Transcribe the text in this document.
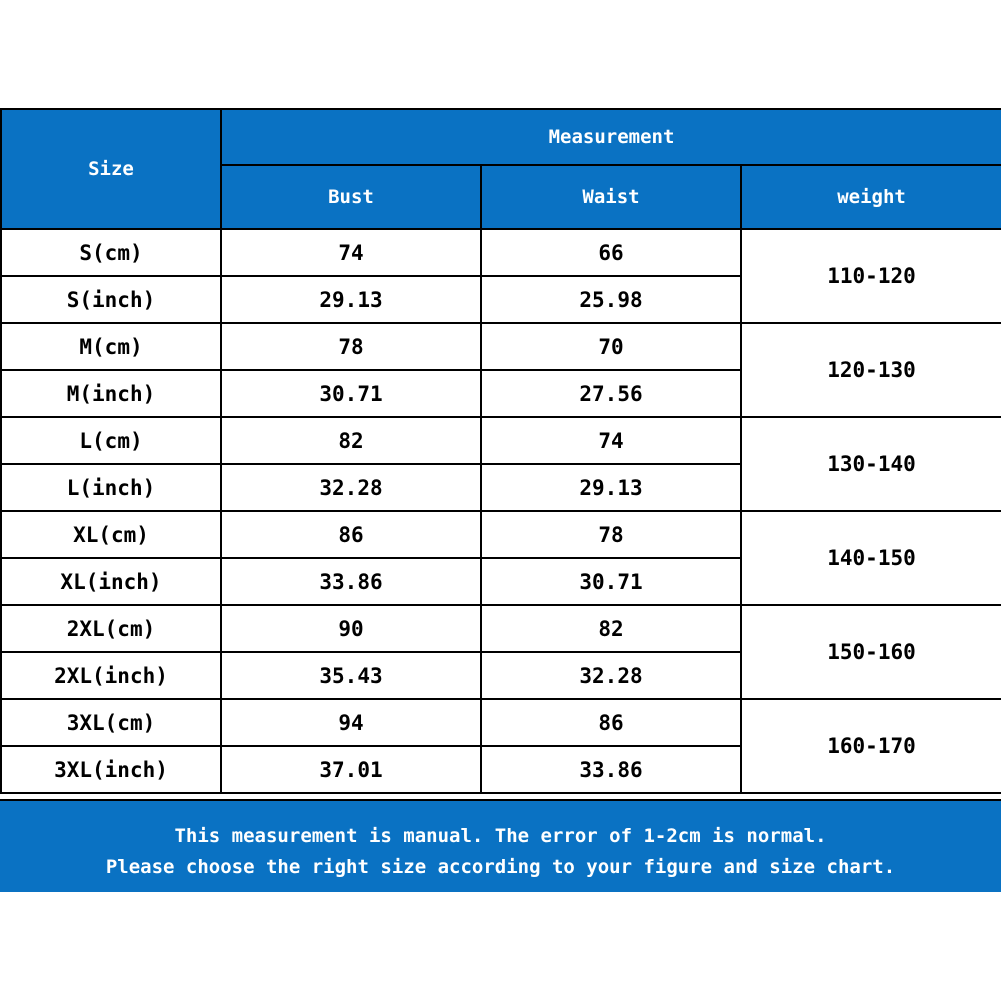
Size	Measurement		
	Bust	Waist	weight
S(cm)	74	66	110-120
S(inch)	29.13	25.98	
M(cm)	78	70	120-130
M(inch)	30.71	27.56	
L(cm)	82	74	130-140
L(inch)	32.28	29.13	
XL(cm)	86	78	140-150
XL(inch)	33.86	30.71	
2XL(cm)	90	82	150-160
2XL(inch)	35.43	32.28	
3XL(cm)	94	86	160-170
3XL(inch)	37.01	33.86	
This measurement is manual. The error of 1-2cm is normal.
Please choose the right size according to your figure and size chart.
